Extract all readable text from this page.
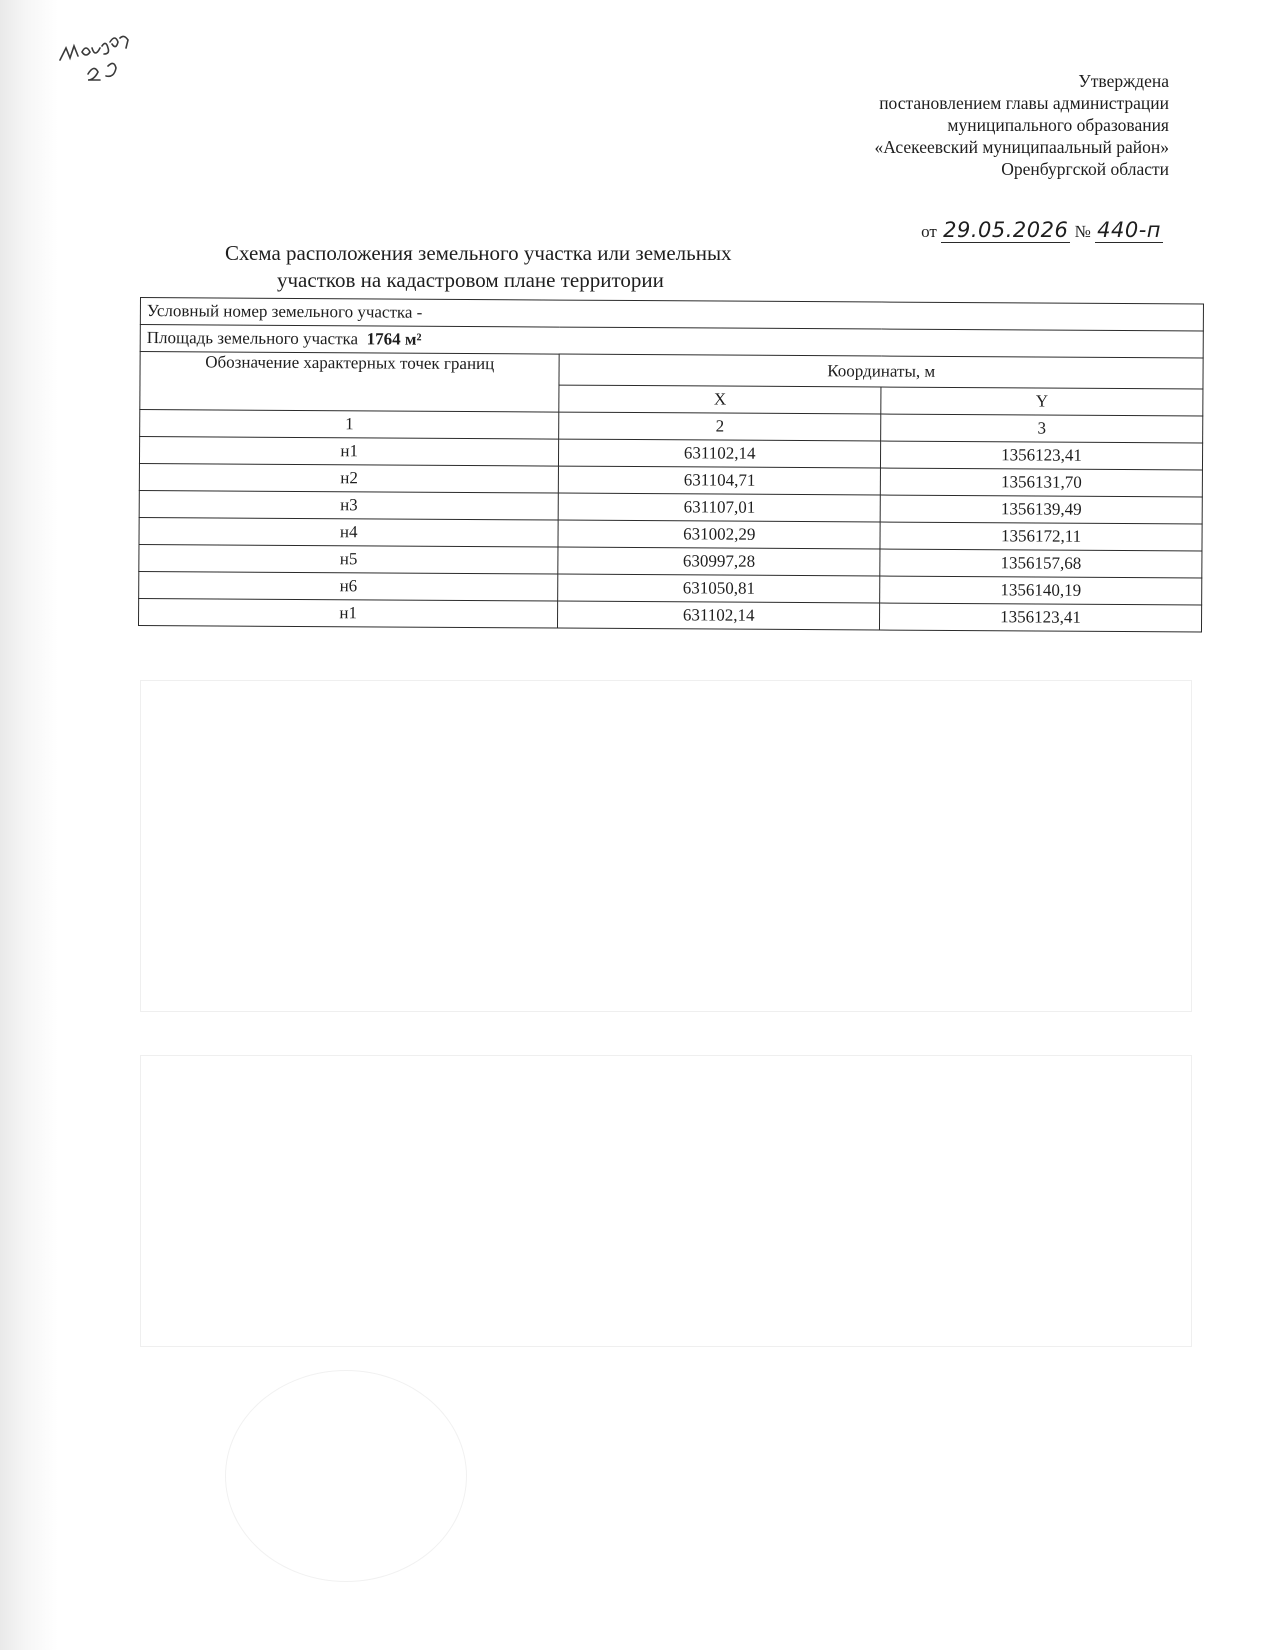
Утверждена
постановлением главы администрации
муниципального образования
«Асекеевский муниципаальный район»
Оренбургской области
от 29.05.2026 № 440-п
Схема расположения земельного участка или земельных
участков на кадастровом плане территории
Условный номер земельного участка -		
Площадь земельного участка 1764 м²		
Обозначение характерных точек границ	Координаты, м	
	X	Y
1	2	3
н1	631102,14	1356123,41
н2	631104,71	1356131,70
н3	631107,01	1356139,49
н4	631002,29	1356172,11
н5	630997,28	1356157,68
н6	631050,81	1356140,19
н1	631102,14	1356123,41
